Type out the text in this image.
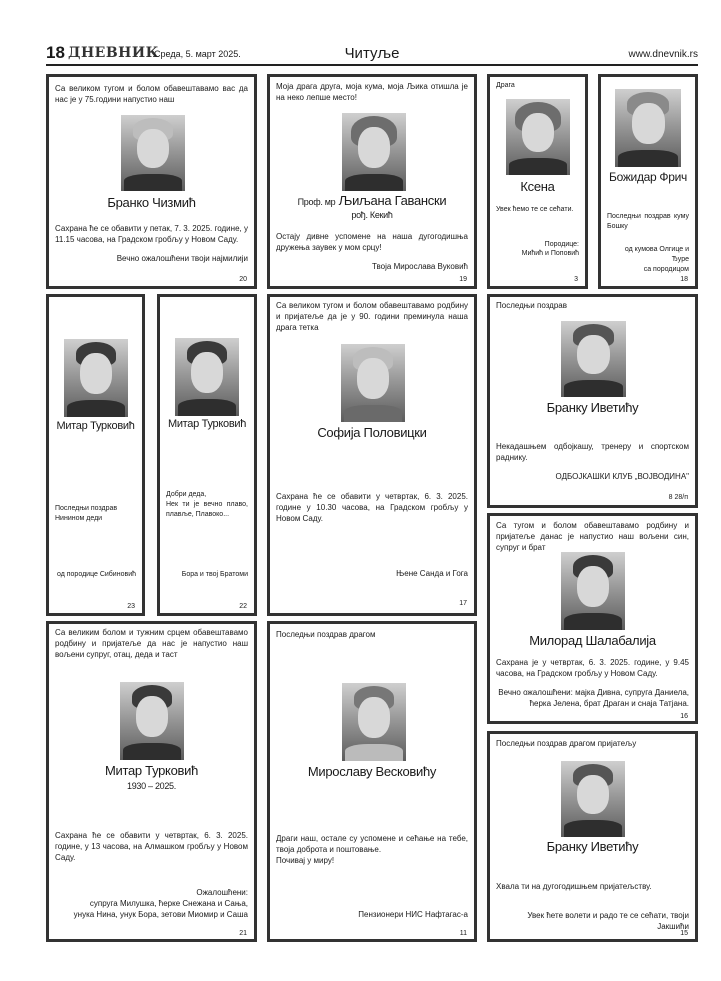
18 ДНЕВНИК
Среда, 5. март 2025.	Читуље	www.dnevnik.rs
Са великом тугом и болом обавештавамо вас да нас је у 75.години напустио наш
Бранко Чизмић
Сахрана ће се обавити у петак, 7. 3. 2025. године, у 11.15 часова, на Градском гробљу у Новом Саду.
Вечно ожалошћени твоји најмилији
20
Моја драга друга, моја кума, моја Љика отишла је на неко лепше место!
Проф. мр Љиљана Гавански
рођ. Кекић
Остају дивне успомене на наша дугогодишња дружења заувек у мом срцу!
Твоја Мирослава Вуковић
19
Драга
Ксена
Увек ћемо те се сећати.
Породице:
Мићић и Поповић
3
Божидар Фрич
Последњи поздрав куму Бошку
од кумова Олгице и Ђуре
са породицом
18
Митар Турковић
Последњи поздрав Нинином деди
од породице Сибиновић
23
Митар Турковић
Добри дедa,
Нек ти је вечно плаво, плавље, Плавоко...
Бора и твој Братоми
22
Са великом тугом и болом обавештавамо родбину и пријатеље да је у 90. години преминула наша драга тетка
Софија Половицки
Сахрана ће се обавити у четвртак, 6. 3. 2025. године у 10.30 часова, на Градском гробљу у Новом Саду.
Њене Санда и Гога
17
Последњи поздрав
Бранку Иветићу
Некадашњем одбојкашу, тренеру и спортском раднику.
ОДБОЈКАШКИ КЛУБ „ВОЈВОДИНА"
8 28/п
Са тугом и болом обавештавамо родбину и пријатеље данас је напустио наш вољени син, супруг и брат
Милорад Шалабалија
Сахрана је у четвртак, 6. 3. 2025. године, у 9.45 часова, на Градском гробљу у Новом Саду.
Вечно ожалошћени: мајка Дивна, супруга Даниела,
ћерка Јелена, брат Драган и снаја Татјана.
16
Са великим болом и тужним срцем обавештавамо родбину и пријатеље да нас је напустио наш вољени супруг, отац, деда и таст
Митар Турковић
1930 – 2025.
Сахрана ће се обавити у четвртак, 6. 3. 2025. године, у 13 часова, на Алмашком гробљу у Новом Саду.
Ожалошћени:
супруга Милушка, ћерке Снежана и Сања,
унука Нина, унук Бора, зетови Миомир и Саша
21
Последњи поздрав драгом
Мирославу Весковићу
Драги наш, остале су успомене и сећање на тебе, твоја доброта и поштовање.
Почивај у миру!
Пензионери НИС Нафтагас-а
11
Последњи поздрав драгом пријатељу
Бранку Иветићу
Хвала ти на дугогодишњем пријатељству.
Увек ћете волети и радо те се сећати, твоји Јакшићи
15
